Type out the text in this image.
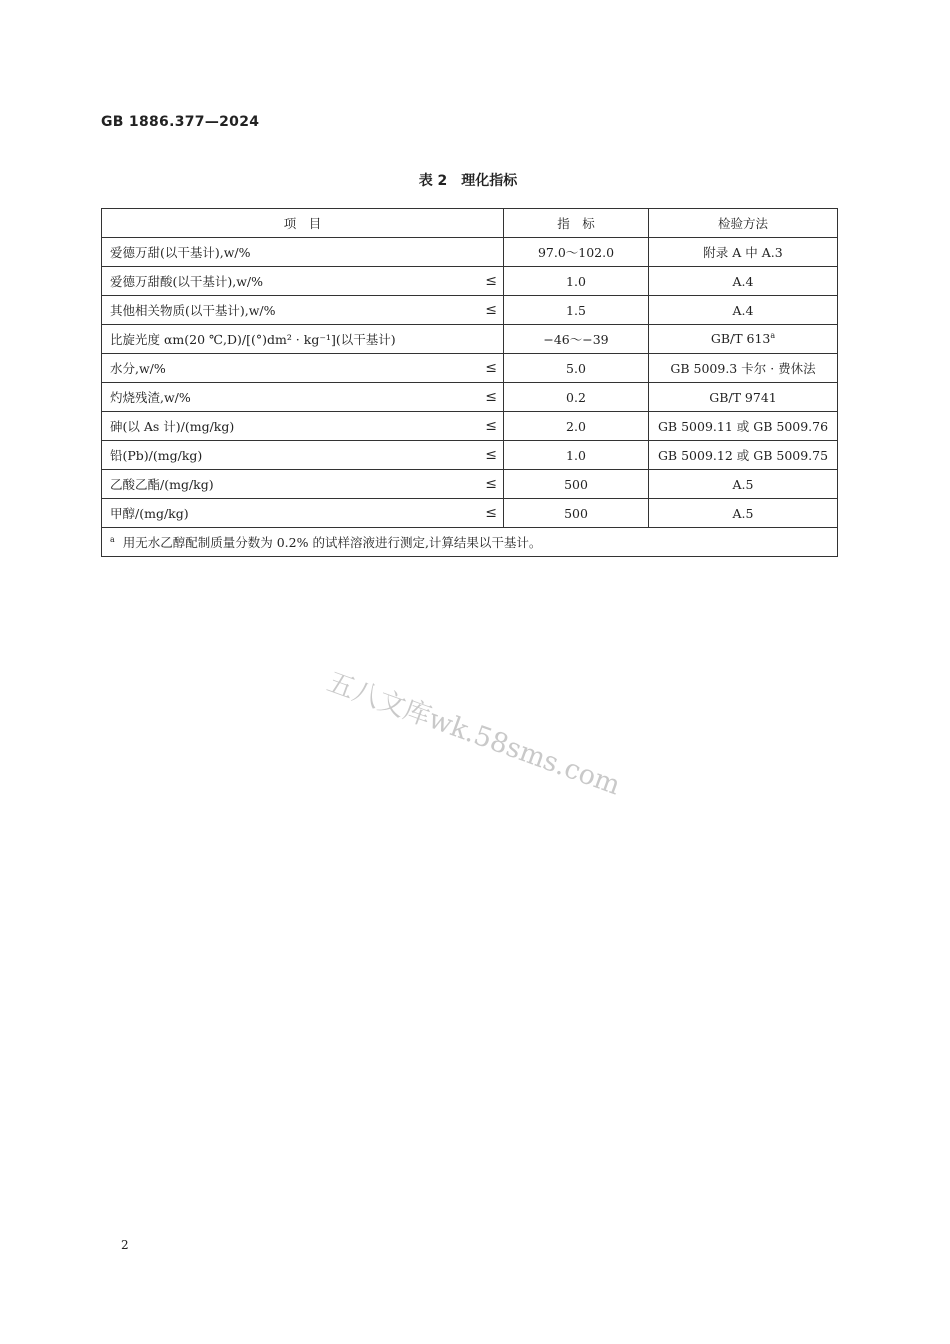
GB 1886.377—2024
表 2　理化指标
项　目	指　标	检验方法
爱德万甜(以干基计),w/%	97.0～102.0	附录 A 中 A.3
爱德万甜酸(以干基计),w/% ≤	1.0	A.4
其他相关物质(以干基计),w/% ≤	1.5	A.4
比旋光度 αm(20 ℃,D)/[(°)dm² · kg⁻¹](以干基计)	−46～−39	GB/T 613$^a$
水分,w/% ≤	5.0	GB 5009.3 卡尔 · 费休法
灼烧残渣,w/% ≤	0.2	GB/T 9741
砷(以 As 计)/(mg/kg) ≤	2.0	GB 5009.11 或 GB 5009.76
铅(Pb)/(mg/kg) ≤	1.0	GB 5009.12 或 GB 5009.75
乙酸乙酯/(mg/kg) ≤	500	A.5
甲醇/(mg/kg) ≤	500	A.5
$^a$ 用无水乙醇配制质量分数为 0.2% 的试样溶液进行测定,计算结果以干基计。		
五八文库wk.58sms.com
2
